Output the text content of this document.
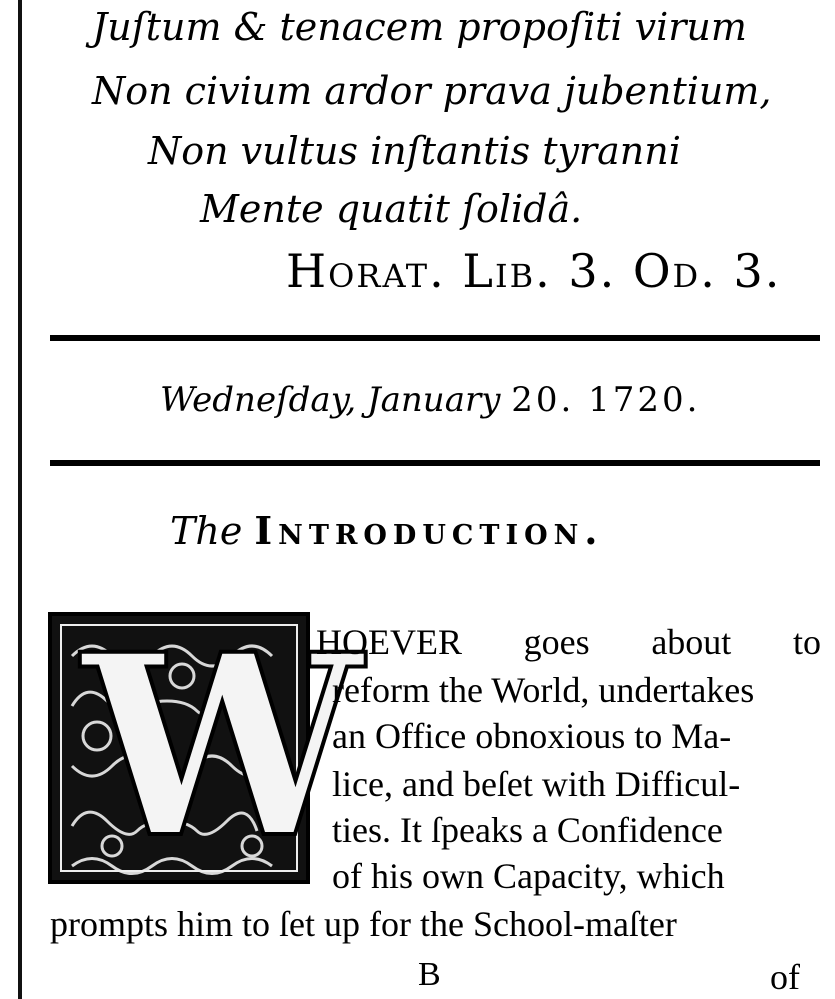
Juſtum & tenacem propoſiti virum
Non civium ardor prava jubentium,
Non vultus inſtantis tyranni
Mente quatit ſolidâ.
Horat. Lib. 3. Od. 3.
Wedneſday, January 20. 1720.
The Introduction.
W
HOEVER goes about to
reform the World, undertakes
an Office obnoxious to Ma-
lice, and beſet with Difficul-
ties. It ſpeaks a Confidence
of his own Capacity, which
prompts him to ſet up for the School-maſter
B	of
